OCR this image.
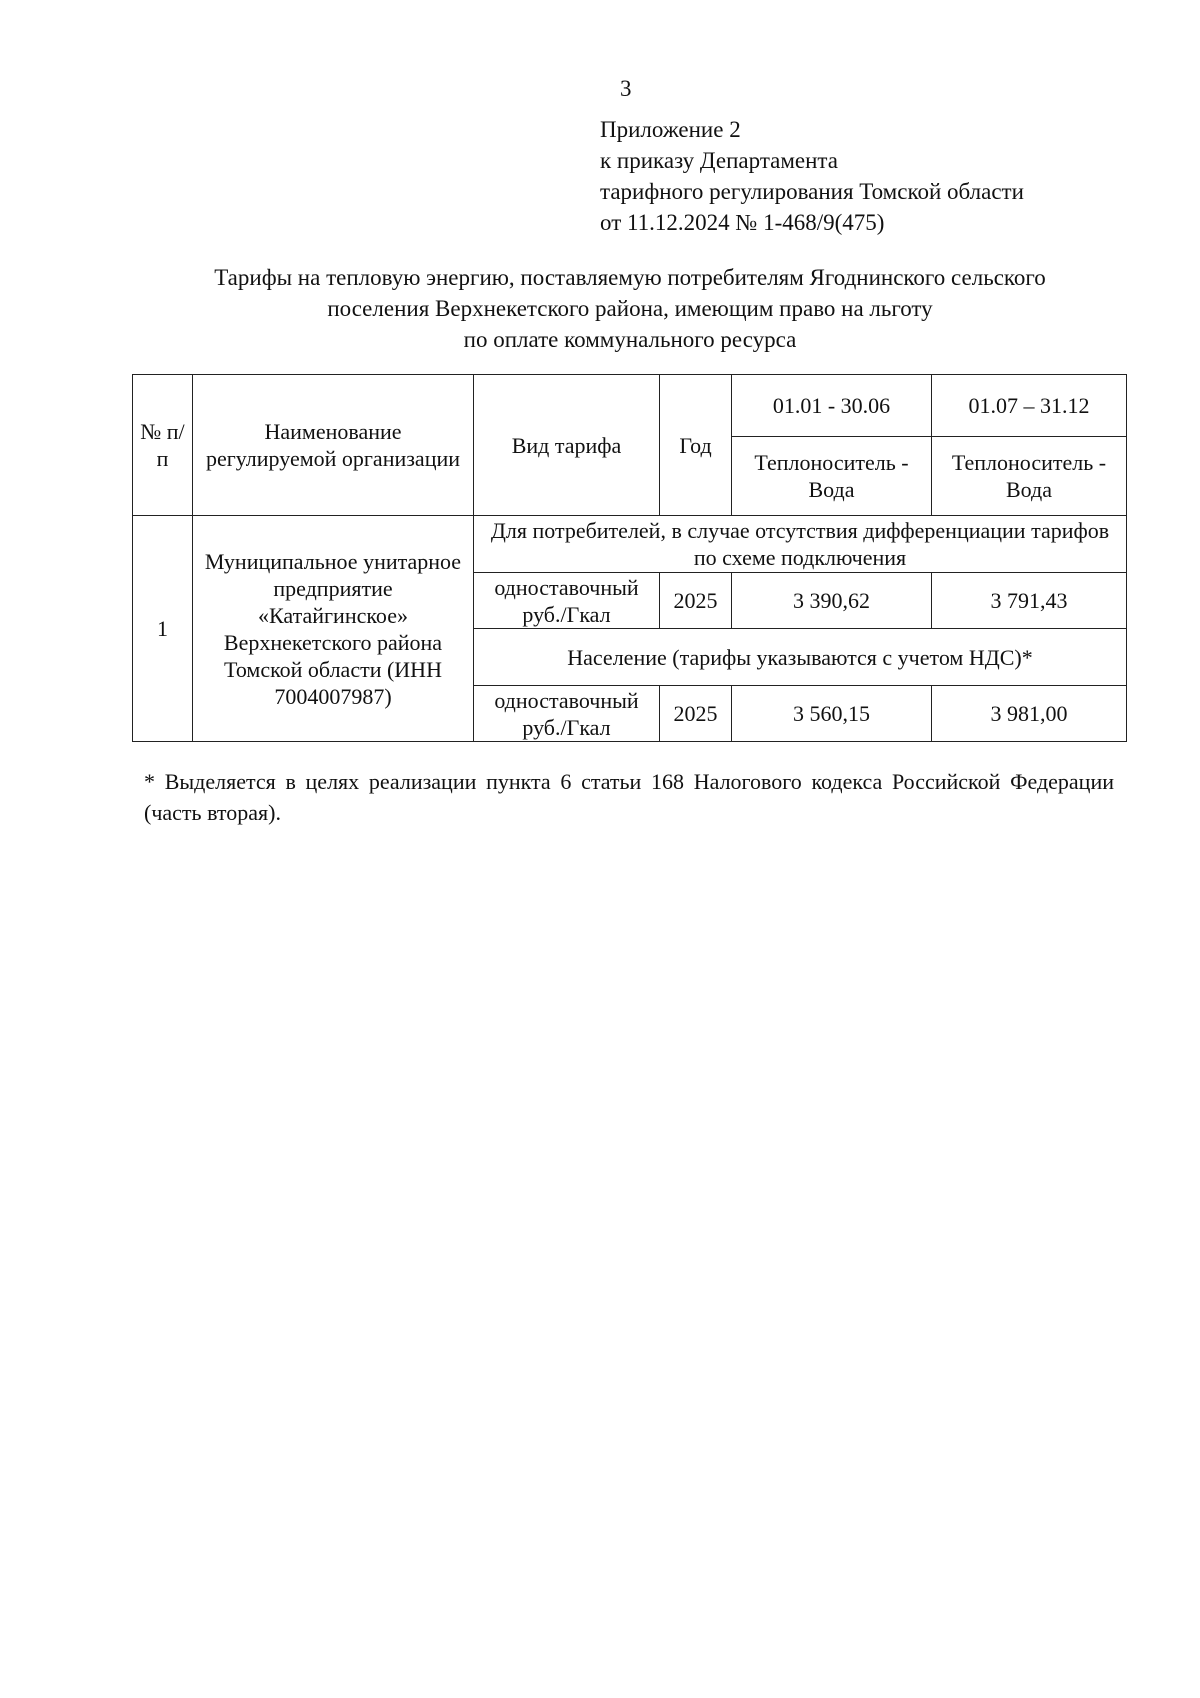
3
Приложение 2
к приказу Департамента
тарифного регулирования Томской области
от 11.12.2024 № 1-468/9(475)
Тарифы на тепловую энергию, поставляемую потребителям Ягоднинского сельского
поселения Верхнекетского района, имеющим право на льготу
по оплате коммунального ресурса
№ п/п	Наименование регулируемой организации	Вид тарифа	Год	01.01 - 30.06	01.07 – 31.12
				Теплоноситель - Вода	Теплоноситель - Вода
1	Муниципальное унитарное предприятие «Катайгинское» Верхнекетского района Томской области (ИНН 7004007987)	Для потребителей, в случае отсутствия дифференциации тарифов по схеме подключения			
		одноставочный руб./Гкал	2025	3 390,62	3 791,43
		Население (тарифы указываются с учетом НДС)*			
		одноставочный руб./Гкал	2025	3 560,15	3 981,00
* Выделяется в целях реализации пункта 6 статьи 168 Налогового кодекса Российской Федерации (часть вторая).
